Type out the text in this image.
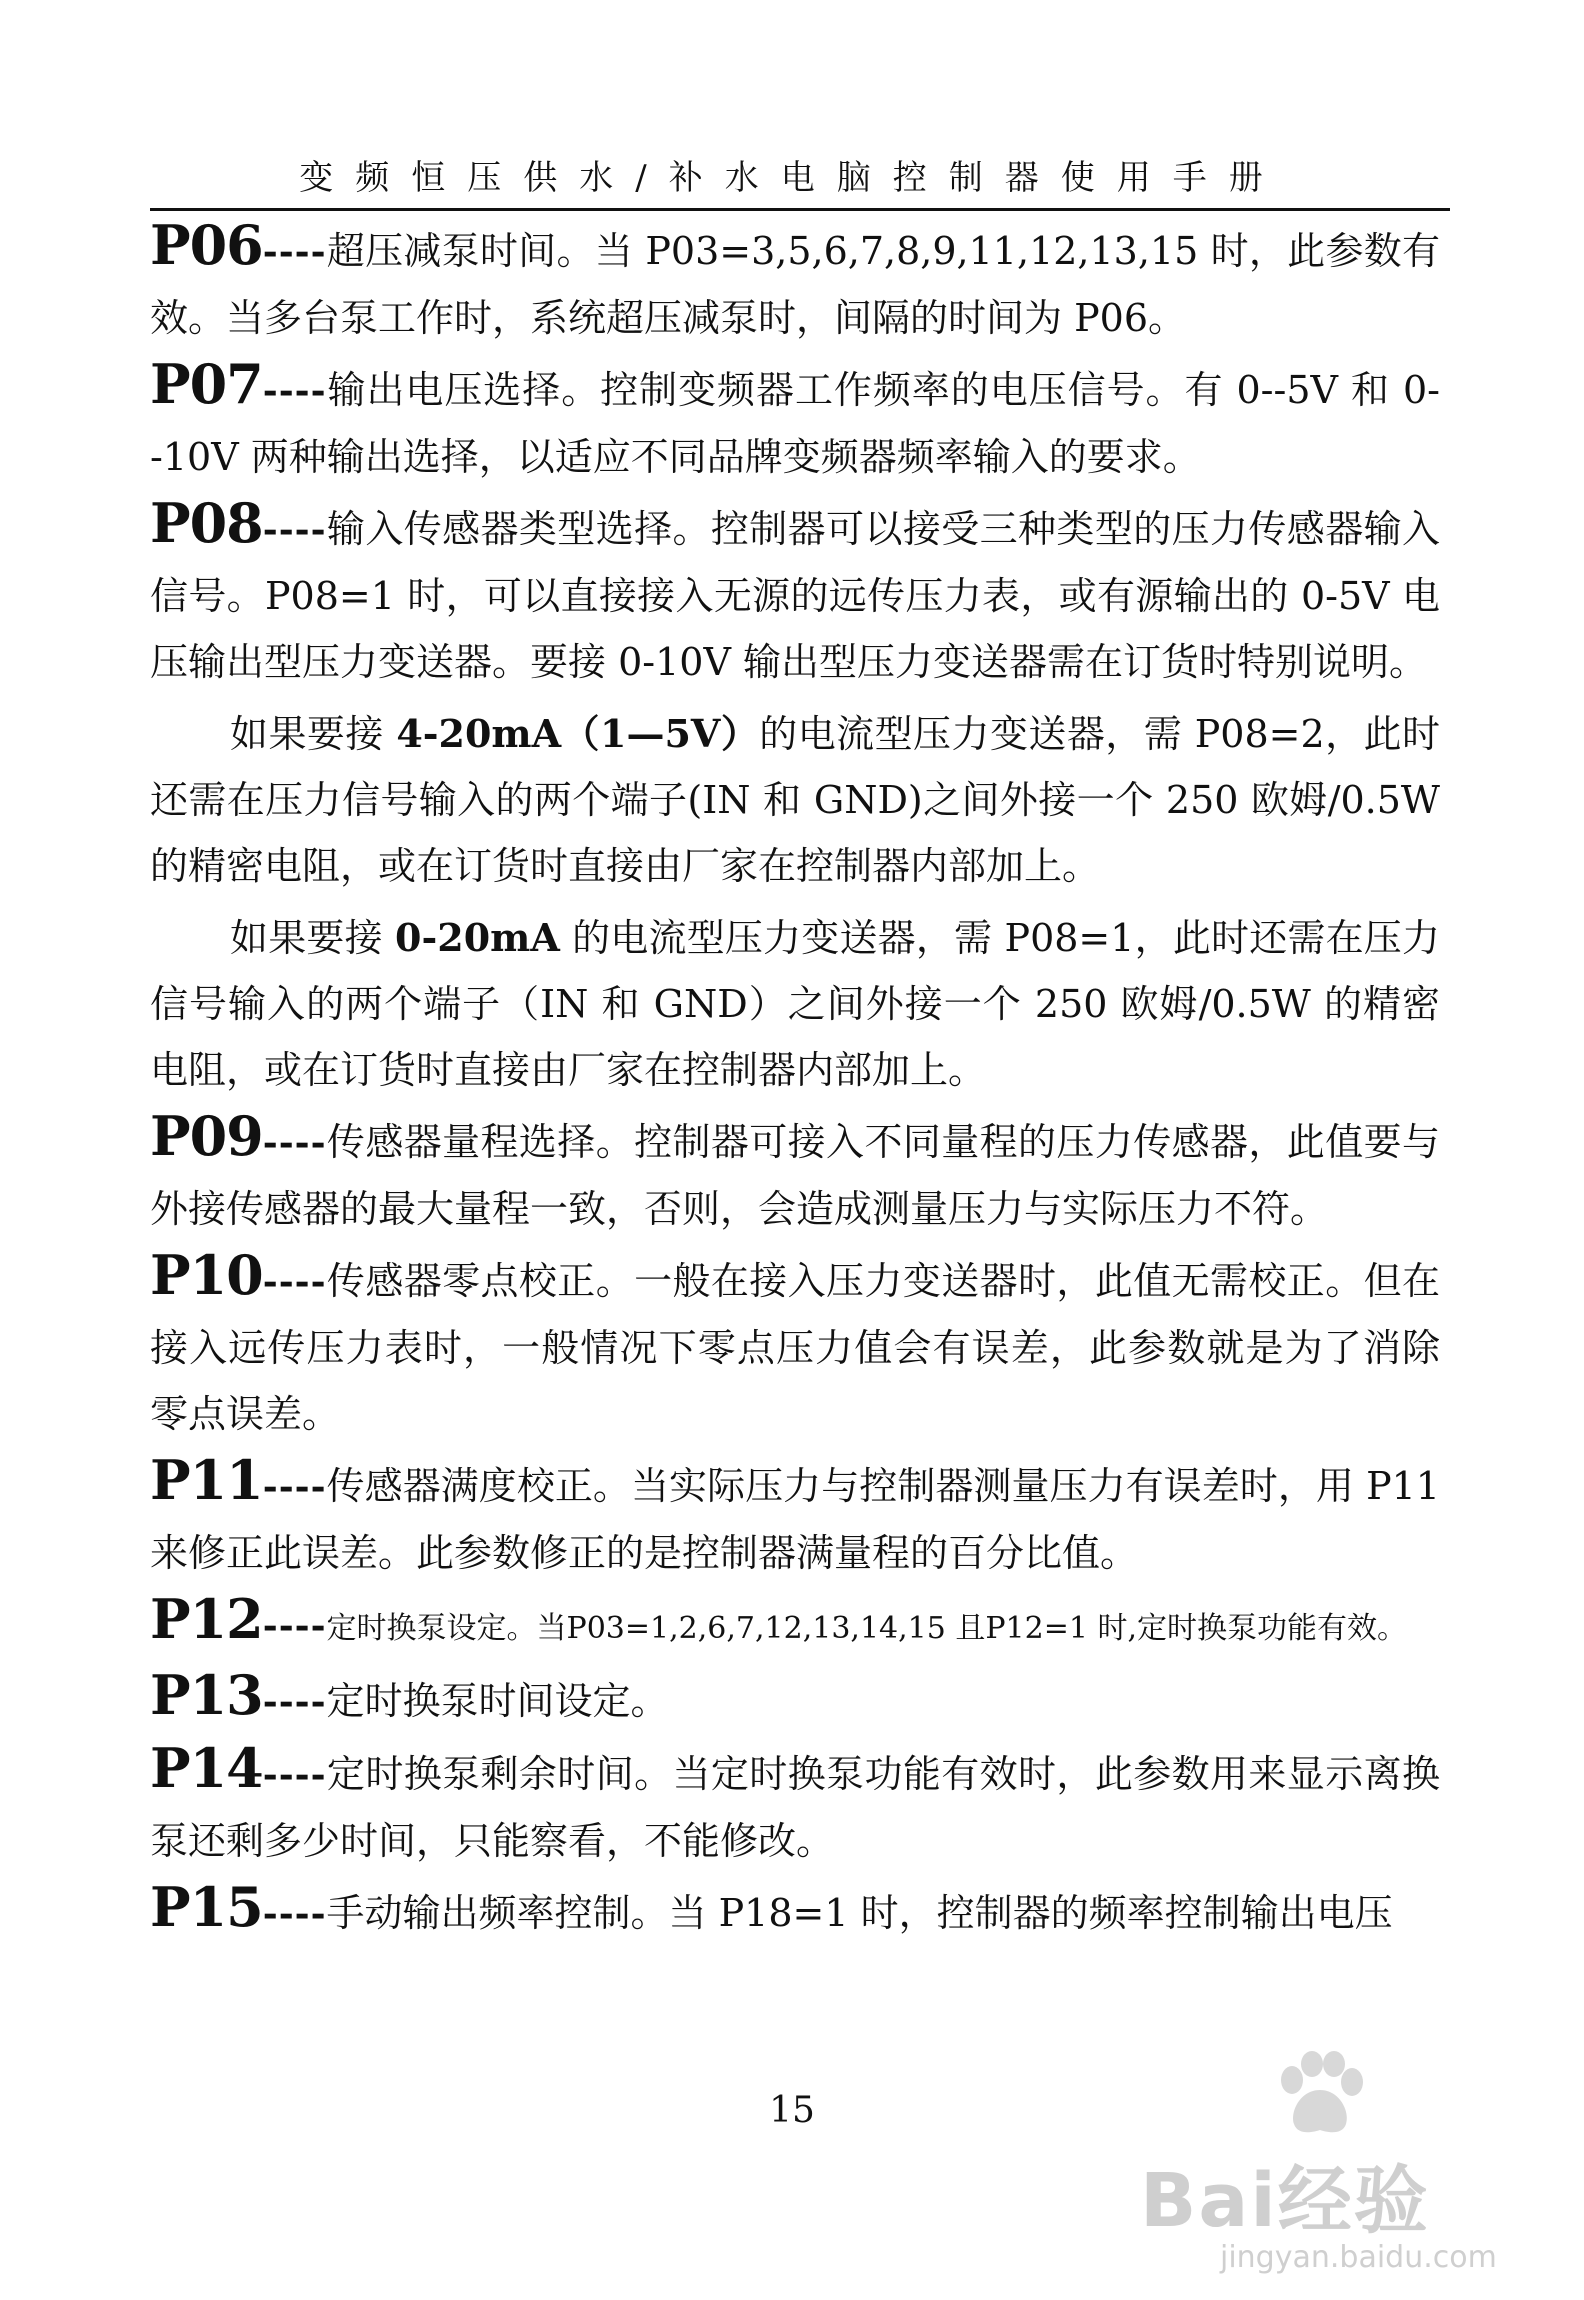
变频恒压供水/补水电脑控制器使用手册

P06----超压减泵时间。当 P03=3,5,6,7,8,9,11,12,13,15 时，此参数有效。当多台泵工作时，系统超压减泵时，间隔的时间为 P06。

P07----输出电压选择。控制变频器工作频率的电压信号。有 0--5V 和 0--10V 两种输出选择，以适应不同品牌变频器频率输入的要求。

P08----输入传感器类型选择。控制器可以接受三种类型的压力传感器输入信号。P08=1 时，可以直接接入无源的远传压力表，或有源输出的 0-5V 电压输出型压力变送器。要接 0-10V 输出型压力变送器需在订货时特别说明。

如果要接 4-20mA（1—5V）的电流型压力变送器，需 P08=2，此时还需在压力信号输入的两个端子(IN 和 GND)之间外接一个 250 欧姆/0.5W 的精密电阻，或在订货时直接由厂家在控制器内部加上。

如果要接 0-20mA 的电流型压力变送器，需 P08=1，此时还需在压力信号输入的两个端子（IN 和 GND）之间外接一个 250 欧姆/0.5W 的精密电阻，或在订货时直接由厂家在控制器内部加上。

P09----传感器量程选择。控制器可接入不同量程的压力传感器，此值要与外接传感器的最大量程一致，否则，会造成测量压力与实际压力不符。

P10----传感器零点校正。一般在接入压力变送器时，此值无需校正。但在接入远传压力表时，一般情况下零点压力值会有误差，此参数就是为了消除零点误差。

P11----传感器满度校正。当实际压力与控制器测量压力有误差时，用 P11 来修正此误差。此参数修正的是控制器满量程的百分比值。

P12----定时换泵设定。当P03=1,2,6,7,12,13,14,15 且P12=1 时,定时换泵功能有效。

P13----定时换泵时间设定。

P14----定时换泵剩余时间。当定时换泵功能有效时，此参数用来显示离换泵还剩多少时间，只能察看，不能修改。

P15----手动输出频率控制。当 P18=1 时，控制器的频率控制输出电压

15
Bai经验
jingyan.baidu.com
